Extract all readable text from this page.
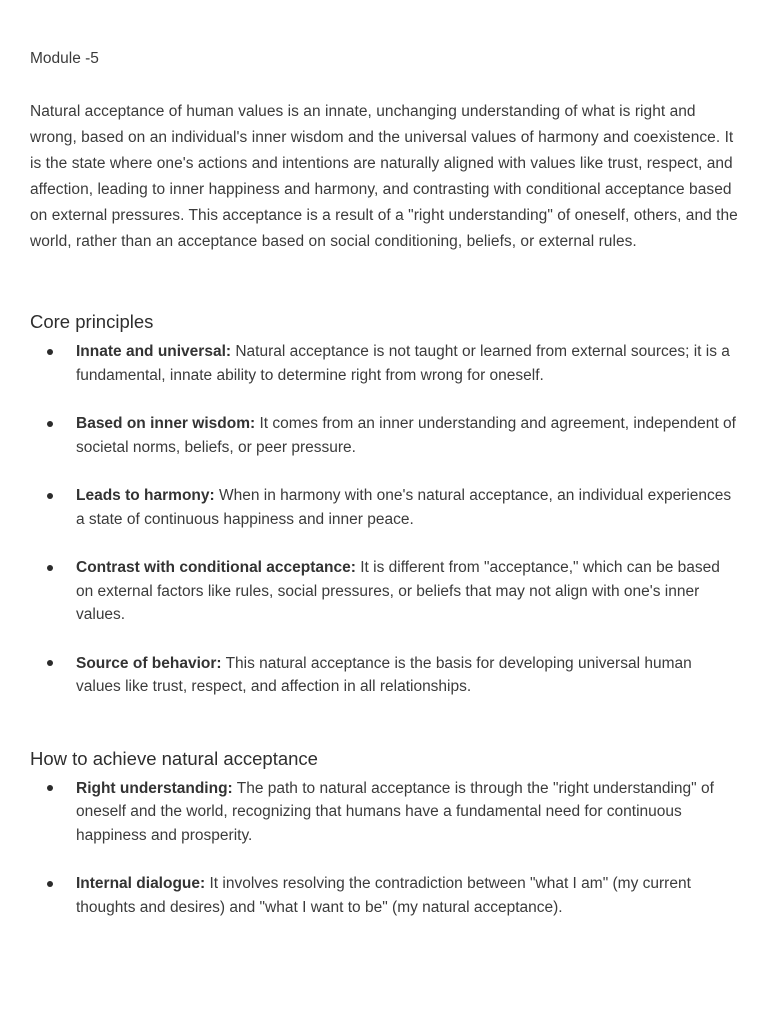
Module -5

Natural acceptance of human values is an innate, unchanging understanding of what is right and wrong, based on an individual's inner wisdom and the universal values of harmony and coexistence. It is the state where one's actions and intentions are naturally aligned with values like trust, respect, and affection, leading to inner happiness and harmony, and contrasting with conditional acceptance based on external pressures. This acceptance is a result of a "right understanding" of oneself, others, and the world, rather than an acceptance based on social conditioning, beliefs, or external rules.

Core principles
Innate and universal: Natural acceptance is not taught or learned from external sources; it is a fundamental, innate ability to determine right from wrong for oneself.
Based on inner wisdom: It comes from an inner understanding and agreement, independent of societal norms, beliefs, or peer pressure.
Leads to harmony: When in harmony with one's natural acceptance, an individual experiences a state of continuous happiness and inner peace.
Contrast with conditional acceptance: It is different from "acceptance," which can be based on external factors like rules, social pressures, or beliefs that may not align with one's inner values.
Source of behavior: This natural acceptance is the basis for developing universal human values like trust, respect, and affection in all relationships.
How to achieve natural acceptance
Right understanding: The path to natural acceptance is through the "right understanding" of oneself and the world, recognizing that humans have a fundamental need for continuous happiness and prosperity.
Internal dialogue: It involves resolving the contradiction between "what I am" (my current thoughts and desires) and "what I want to be" (my natural acceptance).
